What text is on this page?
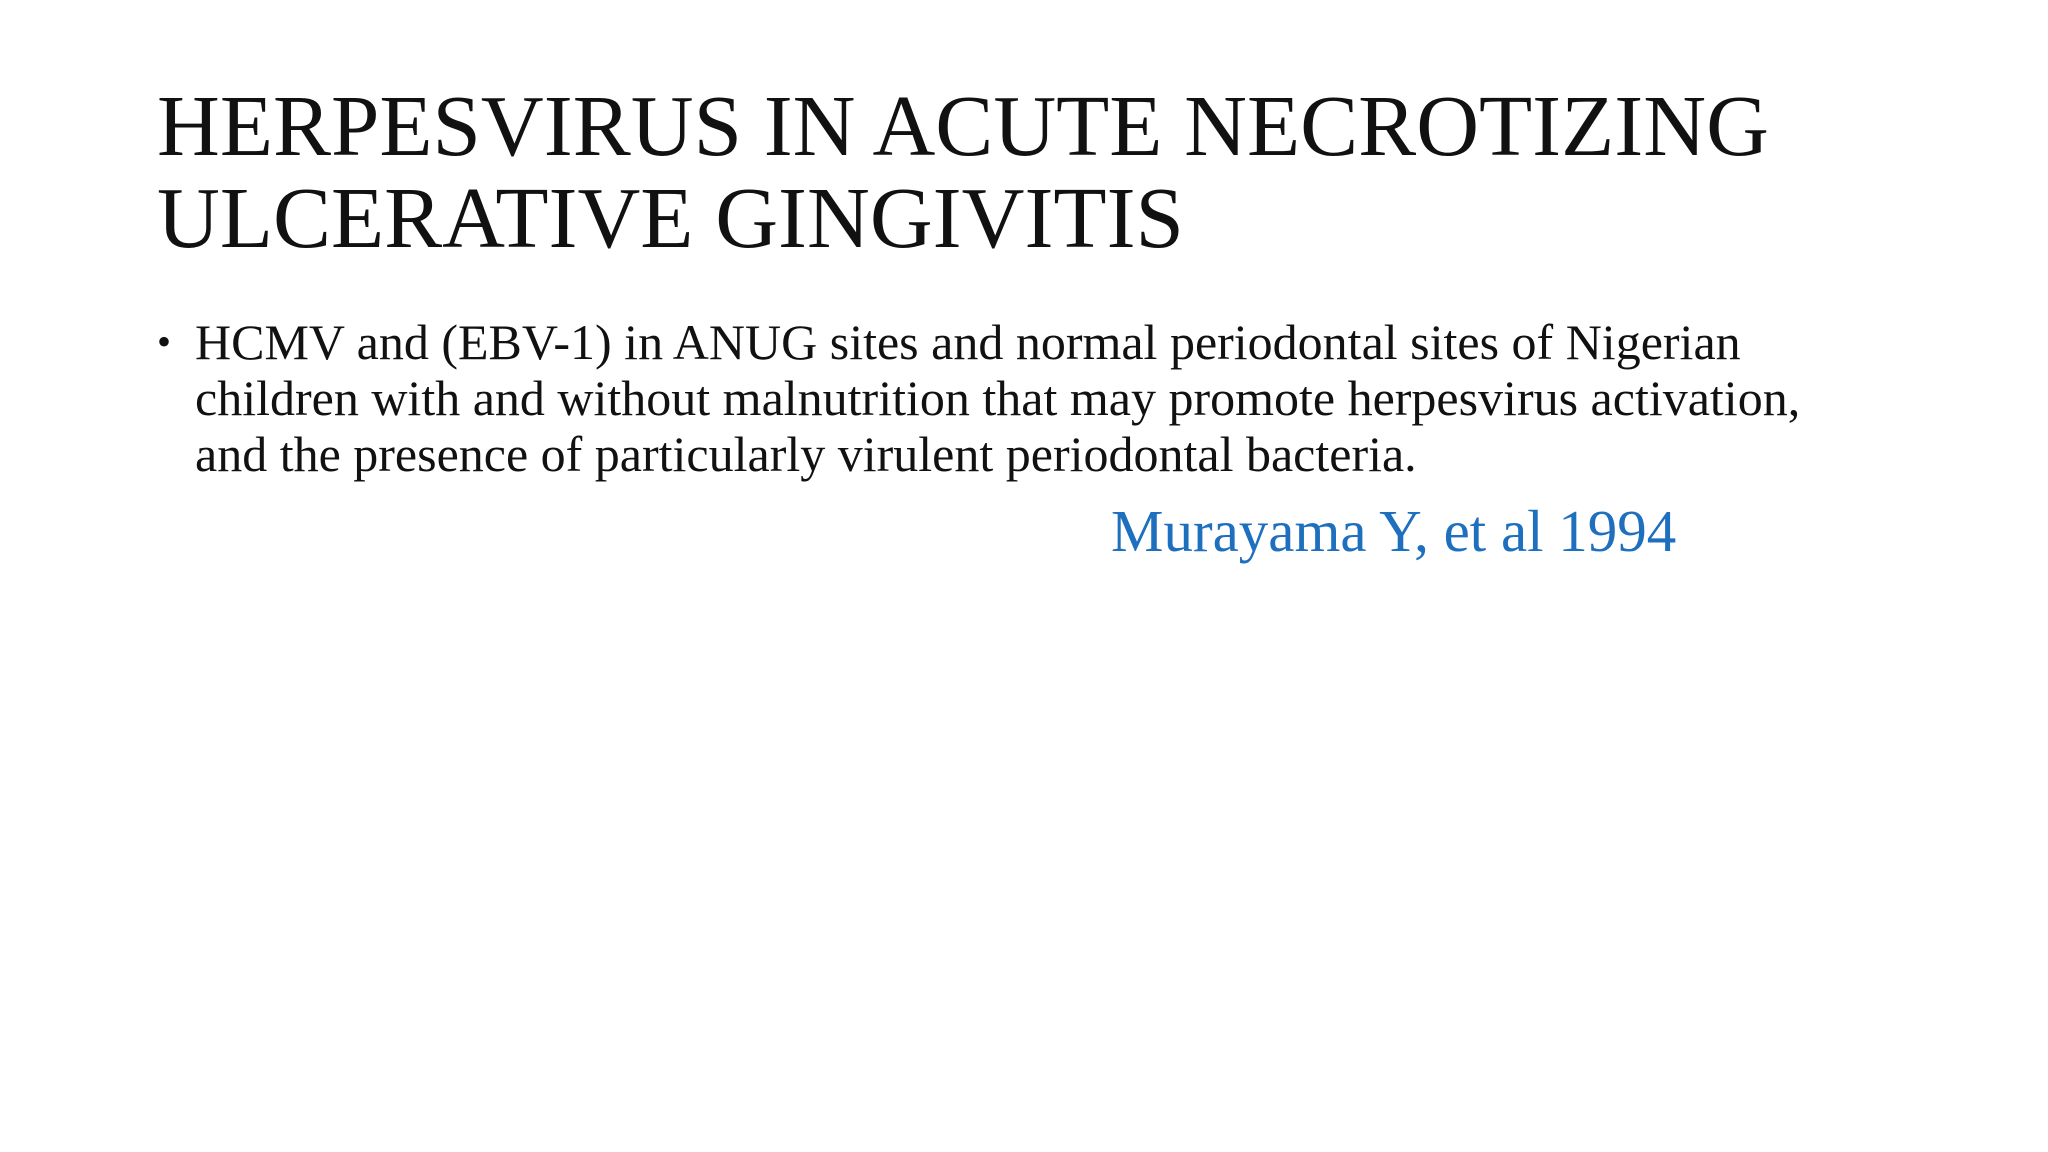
HERPESVIRUS IN ACUTE NECROTIZING
ULCERATIVE GINGIVITIS
• HCMV and (EBV-1) in ANUG sites and normal periodontal sites of Nigerian
children with and without malnutrition that may promote herpesvirus activation,
and the presence of particularly virulent periodontal bacteria.
Murayama Y, et al 1994
